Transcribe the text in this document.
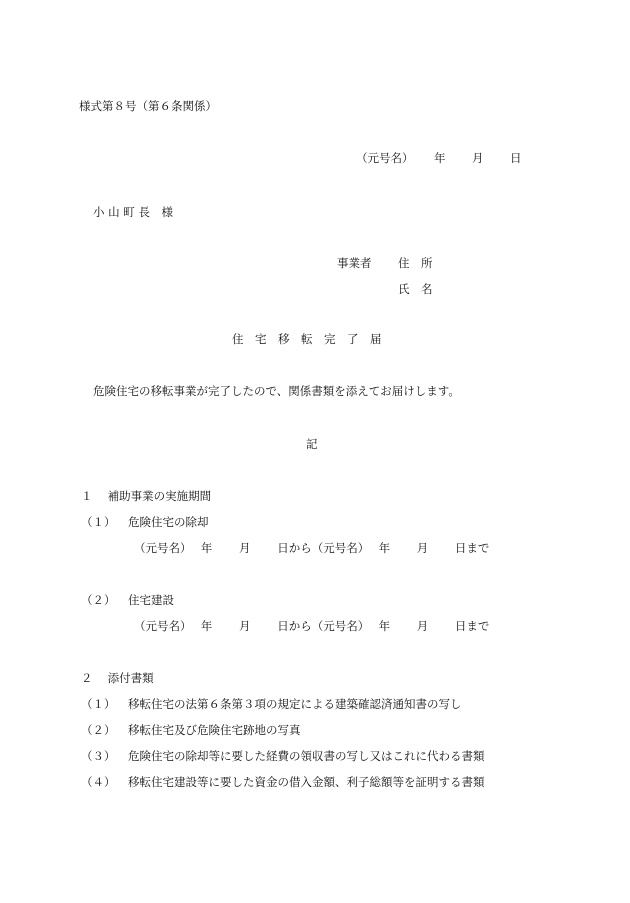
様式第８号（第６条関係）
（元号名） 年 月 日
小 山 町 長　様
事業者 住　所
氏　名
住　宅　移　転　完　了　届
危険住宅の移転事業が完了したので、関係書類を添えてお届けします。
記
１　 補助事業の実施期間
（１） 危険住宅の除却
（元号名）　 年　　 月　　 日から（元号名）　 年　　 月　　 日まで
（２） 住宅建設
（元号名）　 年　　 月　　 日から（元号名）　 年　　 月　　 日まで
２　 添付書類
（１） 移転住宅の法第６条第３項の規定による建築確認済通知書の写し
（２） 移転住宅及び危険住宅跡地の写真
（３） 危険住宅の除却等に要した経費の領収書の写し又はこれに代わる書類
（４） 移転住宅建設等に要した資金の借入金額、利子総額等を証明する書類
